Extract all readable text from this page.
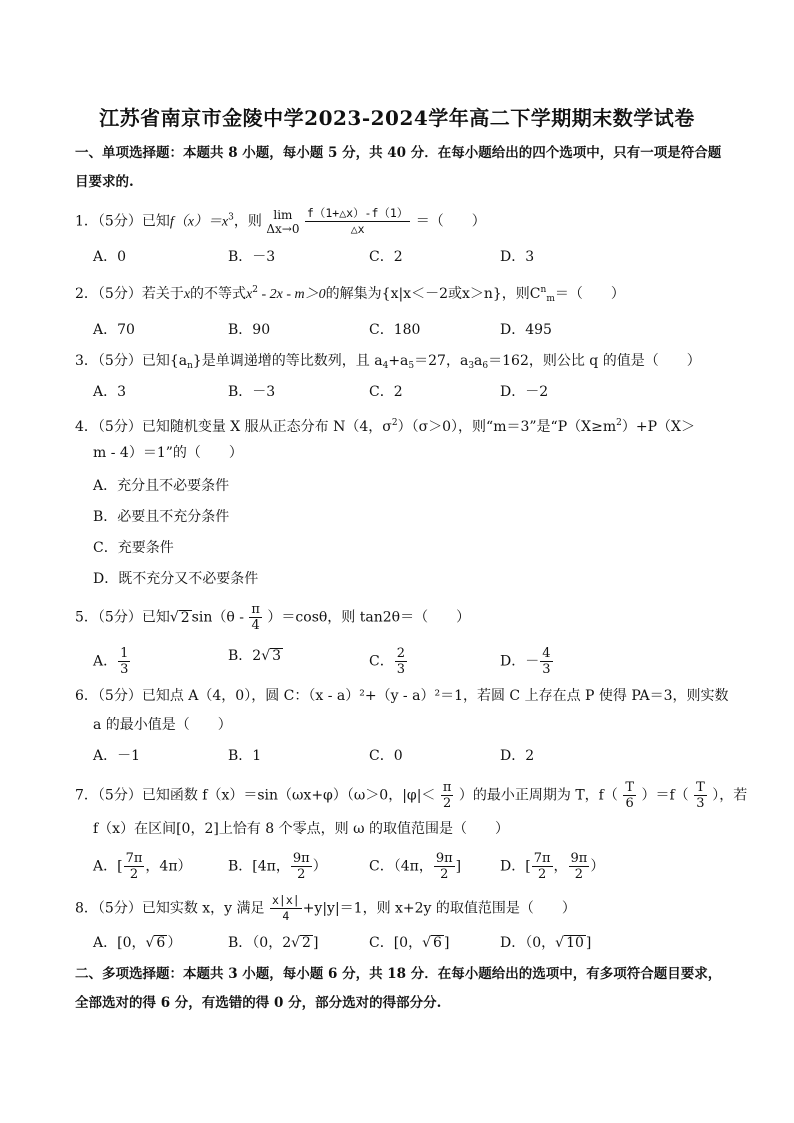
江苏省南京市金陵中学2023-2024学年高二下学期期末数学试卷
一、单项选择题：本题共 8 小题，每小题 5 分，共 40 分．在每小题给出的四个选项中，只有一项是符合题目要求的.
1．（5分）已知$f(x)=x^3$，则 lim
$\Delta x\to 0 \frac{f(1+\triangle x)-f(1)}{\triangle x}$ ＝（　　）
A．0	B．－3	C．2	D．3
2．（5分）若关于x的不等式$x^2 - 2x - m>0$的解集为{x|x＜－2或x＞n}，则$C^n_m=$（　　）
A．70	B．90	C．180	D．495
3．（5分）已知$\{a_n\}$是单调递增的等比数列，且 $a_4+a_5=27$，$a_3a_6=162$，则公比 q 的值是（　　）
A．3	B．－3	C．2	D．－2
4．（5分）已知随机变量 X 服从正态分布 N（4，$\sigma^2)(\sigma>0)$，则“m＝3”是“$P(X\ge m^2)+P(X>$
m - 4）＝1”的（　　）
A．充分且不必要条件
B．必要且不充分条件
C．充要条件
D．既不充分又不必要条件
5．（5分）已知√ 2 $\sin(\theta - \frac{\pi}{4} )=\cos\theta$，则 tan2θ＝（　　）
A． $\frac{1}{3}$	B．2√ 3	C． $\frac{2}{3}$	D．－ $\frac{4}{3}$
6．（5分）已知点 A（4，0），圆 C：（x - a）²+（y - a）²＝1，若圆 C 上存在点 P 使得 PA＝3，则实数
a 的最小值是（　　）
A．－1	B．1	C．0	D．2
7．（5分）已知函数 f（x）＝sin（ωx+φ）（ω＞0，$|\varphi|< \frac{\pi}{2}$ ）的最小正周期为 T，$f( \frac{T}{6} )=f( \frac{T}{3}$ ），若
f（x）在区间[0，2]上恰有 8 个零点，则 ω 的取值范围是（　　）
A．[ $\frac{7\pi}{2}$ ，4π）	B．[4π， $\frac{9\pi}{2}$ ）	C．（4π， $\frac{9\pi}{2}$ ]	D．[ $\frac{7\pi}{2}$ ， $\frac{9\pi}{2}$ ）
8．（5分）已知实数 x，y 满足 $\frac{x|x|}{4} +y|y|=1$，则 x+2y 的取值范围是（　　）
A．[0，√ 6 ）	B．（0，2√ 2 ]	C．[0，√ 6 ]	D．（0，√ 10 ]
二、多项选择题：本题共 3 小题，每小题 6 分，共 18 分．在每小题给出的选项中，有多项符合题目要求，全部选对的得 6 分，有选错的得 0 分，部分选对的得部分分.
